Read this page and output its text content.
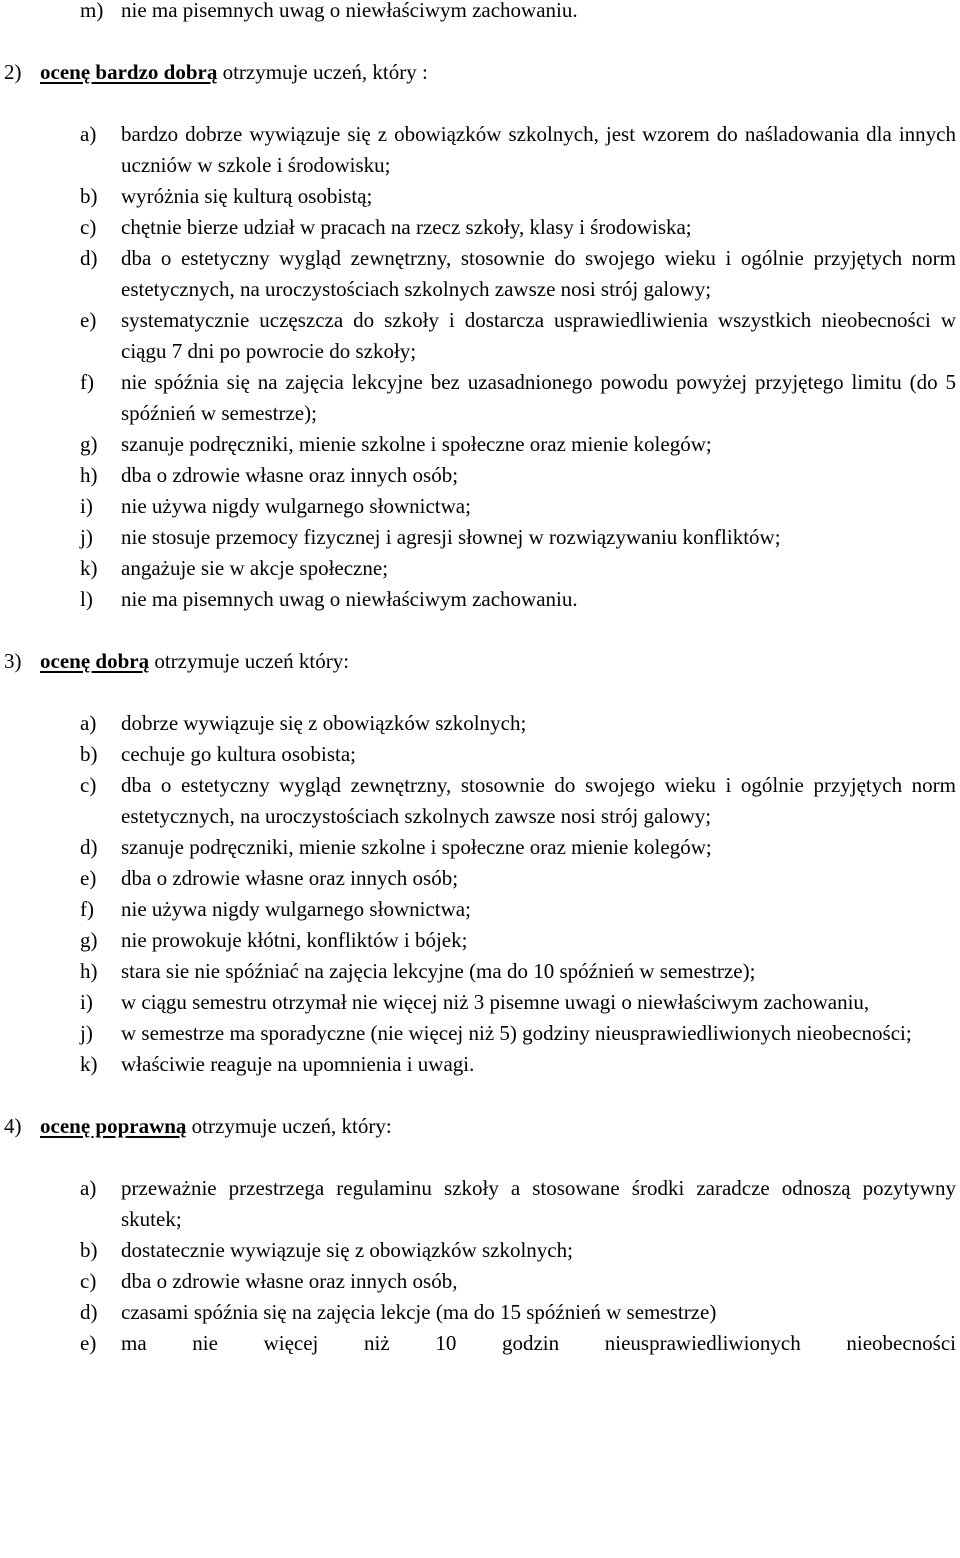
m) nie ma pisemnych uwag o niewłaściwym zachowaniu.
2) ocenę bardzo dobrą otrzymuje uczeń, który :
a)	bardzo dobrze wywiązuje się z obowiązków szkolnych, jest wzorem do naśladowania dla innych uczniów w szkole i środowisku;
b)	wyróżnia się kulturą osobistą;
c)	chętnie bierze udział w pracach na rzecz szkoły, klasy i środowiska;
d)	dba o estetyczny wygląd zewnętrzny, stosownie do swojego wieku i ogólnie przyjętych norm estetycznych, na uroczystościach szkolnych zawsze nosi strój galowy;
e)	systematycznie uczęszcza do szkoły i dostarcza usprawiedliwienia wszystkich nieobecności w ciągu 7 dni po powrocie do szkoły;
f)	nie spóźnia się na zajęcia lekcyjne bez uzasadnionego powodu powyżej przyjętego limitu (do 5 spóźnień w semestrze);
g)	szanuje podręczniki, mienie szkolne i społeczne oraz mienie kolegów;
h)	dba o zdrowie własne oraz innych osób;
i)	nie używa nigdy wulgarnego słownictwa;
j)	nie stosuje przemocy fizycznej i agresji słownej w rozwiązywaniu konfliktów;
k)	angażuje sie w akcje społeczne;
l)	nie ma pisemnych uwag o niewłaściwym zachowaniu.
3) ocenę dobrą otrzymuje uczeń który:
a)	dobrze wywiązuje się z obowiązków szkolnych;
b)	cechuje go kultura osobista;
c)	dba o estetyczny wygląd zewnętrzny, stosownie do swojego wieku i ogólnie przyjętych norm estetycznych, na uroczystościach szkolnych zawsze nosi strój galowy;
d)	szanuje podręczniki, mienie szkolne i społeczne oraz mienie kolegów;
e)	dba o zdrowie własne oraz innych osób;
f)	nie używa nigdy wulgarnego słownictwa;
g)	nie prowokuje kłótni, konfliktów i bójek;
h)	stara sie nie spóźniać na zajęcia lekcyjne (ma do 10 spóźnień w semestrze);
i)	w ciągu semestru otrzymał nie więcej niż 3 pisemne uwagi o niewłaściwym zachowaniu,
j)	w semestrze ma sporadyczne (nie więcej niż 5) godziny nieusprawiedliwionych nieobecności;
k)	właściwie reaguje na upomnienia i uwagi.
4) ocenę poprawną otrzymuje uczeń, który:
a)	przeważnie przestrzega regulaminu szkoły a stosowane środki zaradcze odnoszą pozytywny skutek;
b)	dostatecznie wywiązuje się z obowiązków szkolnych;
c)	dba o zdrowie własne oraz innych osób,
d)	czasami spóźnia się na zajęcia lekcje (ma do 15 spóźnień w semestrze)
e)	ma nie więcej niż 10 godzin nieusprawiedliwionych nieobecności
